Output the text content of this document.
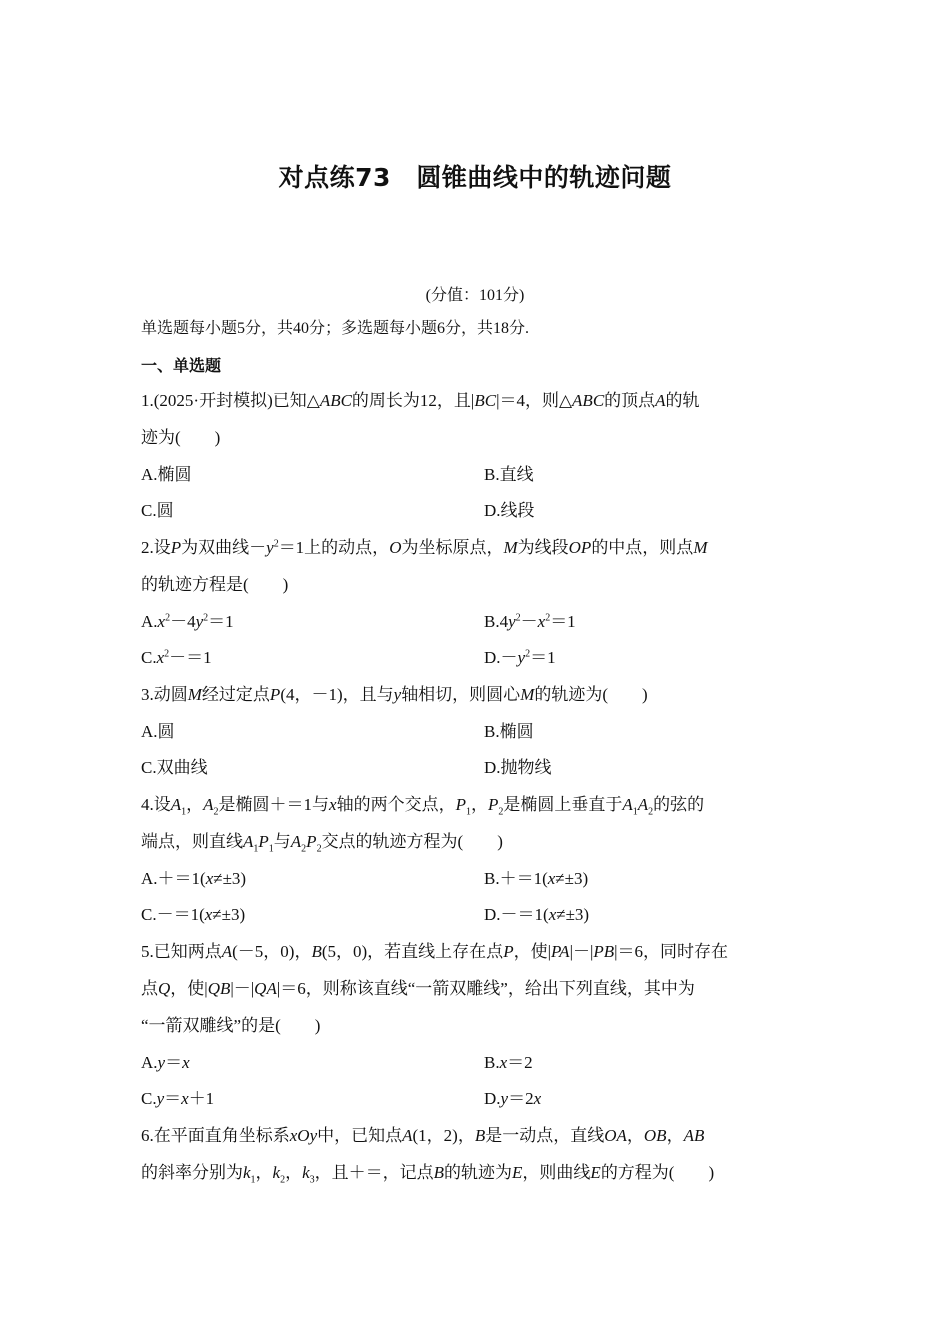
对点练73　圆锥曲线中的轨迹问题
(分值：101分)
单选题每小题5分，共40分；多选题每小题6分，共18分.
一、单选题
1.(2025·开封模拟)已知△ABC的周长为12，且|BC|＝4，则△ABC的顶点A的轨
迹为(　　)
A.椭圆	B.直线
C.圆	D.线段
2.设P为双曲线$-y^2=1$上的动点，O为坐标原点，M为线段OP的中点，则点M
的轨迹方程是(　　)
$A.x^2-4y^2=1$	$B.4y^2-x^2=1$
$C.x^2-=1$	$D.-y^2=1$
3.动圆M经过定点P(4，－1)，且与y轴相切，则圆心M的轨迹为(　　)
A.圆	B.椭圆
C.双曲线	D.抛物线
4.设$A_1$，$A_2$是椭圆＋＝1与x轴的两个交点，$P_1$，$P_2$是椭圆上垂直于$A_1A_2$的弦的
端点，则直线$A_1P_1$与$A_2P_2$交点的轨迹方程为(　　)
A.＋＝1(x≠±3)	B.＋＝1(x≠±3)
C.－＝1(x≠±3)	D.－＝1(x≠±3)
5.已知两点A(－5，0)，B(5，0)，若直线上存在点P，使|PA|－|PB|＝6，同时存在
点Q，使|QB|－|QA|＝6，则称该直线“一箭双雕线”，给出下列直线，其中为
“一箭双雕线”的是(　　)
A.y＝x	B.x＝2
C.y＝x＋1	D.y＝2x
6.在平面直角坐标系xOy中，已知点A(1，2)，B是一动点，直线OA，OB，AB
的斜率分别为$k_1$，$k_2$，$k_3$，且＋＝，记点B的轨迹为E，则曲线E的方程为(　　)
